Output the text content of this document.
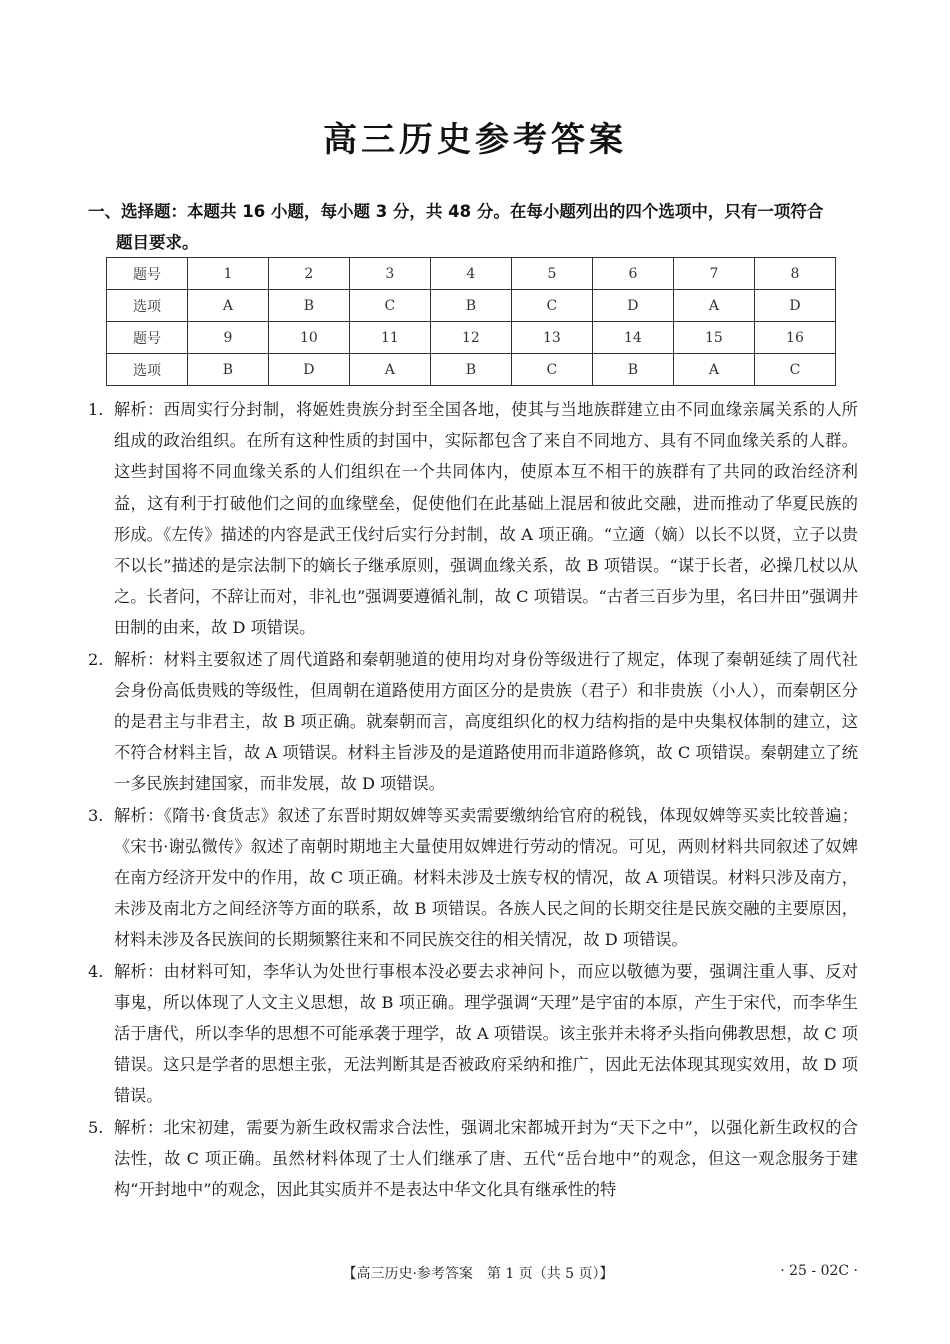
高三历史参考答案
一、选择题：本题共 16 小题，每小题 3 分，共 48 分。在每小题列出的四个选项中，只有一项符合
题目要求。
题号	1	2	3	4	5	6	7	8
选项	A	B	C	B	C	D	A	D
题号	9	10	11	12	13	14	15	16
选项	B	D	A	B	C	B	A	C

1. 解析：西周实行分封制，将姬姓贵族分封至全国各地，使其与当地族群建立由不同血缘亲属关系的人所组成的政治组织。在所有这种性质的封国中，实际都包含了来自不同地方、具有不同血缘关系的人群。这些封国将不同血缘关系的人们组织在一个共同体内，使原本互不相干的族群有了共同的政治经济利益，这有利于打破他们之间的血缘壁垒，促使他们在此基础上混居和彼此交融，进而推动了华夏民族的形成。《左传》描述的内容是武王伐纣后实行分封制，故 A 项正确。“立適（嫡）以长不以贤，立子以贵不以长”描述的是宗法制下的嫡长子继承原则，强调血缘关系，故 B 项错误。“谋于长者，必操几杖以从之。长者问，不辞让而对，非礼也”强调要遵循礼制，故 C 项错误。“古者三百步为里，名曰井田”强调井田制的由来，故 D 项错误。

2. 解析：材料主要叙述了周代道路和秦朝驰道的使用均对身份等级进行了规定，体现了秦朝延续了周代社会身份高低贵贱的等级性，但周朝在道路使用方面区分的是贵族（君子）和非贵族（小人），而秦朝区分的是君主与非君主，故 B 项正确。就秦朝而言，高度组织化的权力结构指的是中央集权体制的建立，这不符合材料主旨，故 A 项错误。材料主旨涉及的是道路使用而非道路修筑，故 C 项错误。秦朝建立了统一多民族封建国家，而非发展，故 D 项错误。

3. 解析：《隋书·食货志》叙述了东晋时期奴婢等买卖需要缴纳给官府的税钱，体现奴婢等买卖比较普遍；《宋书·谢弘微传》叙述了南朝时期地主大量使用奴婢进行劳动的情况。可见，两则材料共同叙述了奴婢在南方经济开发中的作用，故 C 项正确。材料未涉及士族专权的情况，故 A 项错误。材料只涉及南方，未涉及南北方之间经济等方面的联系，故 B 项错误。各族人民之间的长期交往是民族交融的主要原因，材料未涉及各民族间的长期频繁往来和不同民族交往的相关情况，故 D 项错误。

4. 解析：由材料可知，李华认为处世行事根本没必要去求神问卜，而应以敬德为要，强调注重人事、反对事鬼，所以体现了人文主义思想，故 B 项正确。理学强调“天理”是宇宙的本原，产生于宋代，而李华生活于唐代，所以李华的思想不可能承袭于理学，故 A 项错误。该主张并未将矛头指向佛教思想，故 C 项错误。这只是学者的思想主张，无法判断其是否被政府采纳和推广，因此无法体现其现实效用，故 D 项错误。

5. 解析：北宋初建，需要为新生政权需求合法性，强调北宋都城开封为“天下之中”，以强化新生政权的合法性，故 C 项正确。虽然材料体现了士人们继承了唐、五代“岳台地中”的观念，但这一观念服务于建构“开封地中”的观念，因此其实质并不是表达中华文化具有继承性的特

【高三历史·参考答案　第 1 页（共 5 页）】	· 25 - 02C ·
